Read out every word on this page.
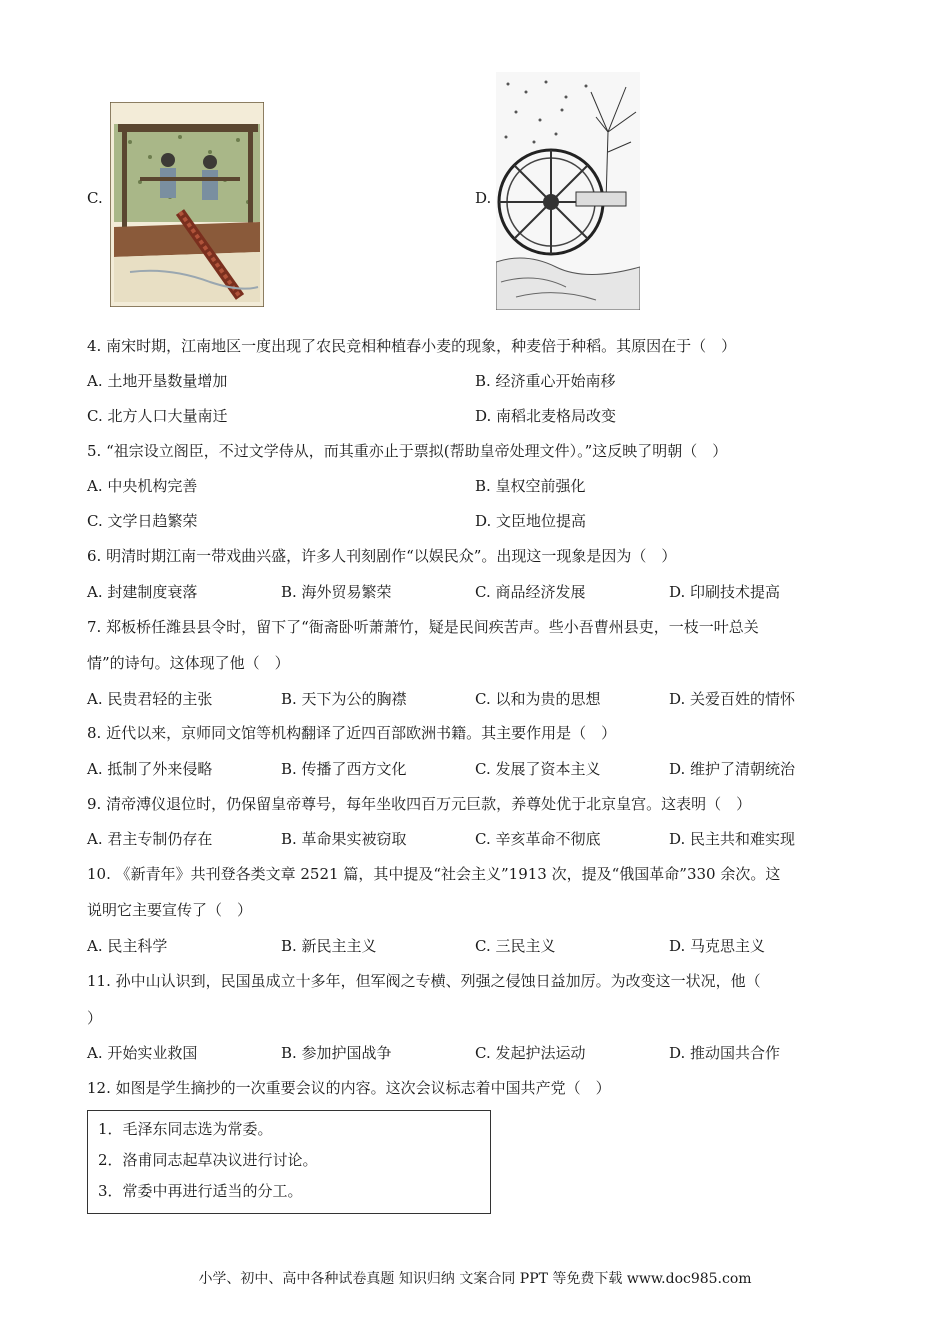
C.	D.
4. 南宋时期，江南地区一度出现了农民竞相种植春小麦的现象，种麦倍于种稻。其原因在于（　）
A. 土地开垦数量增加	B. 经济重心开始南移
C. 北方人口大量南迁	D. 南稻北麦格局改变
5. “祖宗设立阁臣，不过文学侍从，而其重亦止于票拟(帮助皇帝处理文件）。”这反映了明朝（　）
A. 中央机构完善	B. 皇权空前强化
C. 文学日趋繁荣	D. 文臣地位提高
6. 明清时期江南一带戏曲兴盛，许多人刊刻剧作“以娱民众”。出现这一现象是因为（　）
A. 封建制度衰落	B. 海外贸易繁荣	C. 商品经济发展	D. 印刷技术提高
7. 郑板桥任潍县县令时，留下了“衙斋卧听萧萧竹，疑是民间疾苦声。些小吾曹州县吏，一枝一叶总关
情”的诗句。这体现了他（　）
A. 民贵君轻的主张	B. 天下为公的胸襟	C. 以和为贵的思想	D. 关爱百姓的情怀
8. 近代以来，京师同文馆等机构翻译了近四百部欧洲书籍。其主要作用是（　）
A. 抵制了外来侵略	B. 传播了西方文化	C. 发展了资本主义	D. 维护了清朝统治
9. 清帝溥仪退位时，仍保留皇帝尊号，每年坐收四百万元巨款，养尊处优于北京皇宫。这表明（　）
A. 君主专制仍存在	B. 革命果实被窃取	C. 辛亥革命不彻底	D. 民主共和难实现
10. 《新青年》共刊登各类文章 2521 篇，其中提及“社会主义”1913 次，提及“俄国革命”330 余次。这
说明它主要宣传了（　）
A. 民主科学	B. 新民主主义	C. 三民主义	D. 马克思主义
11. 孙中山认识到，民国虽成立十多年，但军阀之专横、列强之侵蚀日益加厉。为改变这一状况，他（
）
A. 开始实业救国	B. 参加护国战争	C. 发起护法运动	D. 推动国共合作
12. 如图是学生摘抄的一次重要会议的内容。这次会议标志着中国共产党（　）
1．毛泽东同志选为常委。
2．洛甫同志起草决议进行讨论。
3．常委中再进行适当的分工。
小学、初中、高中各种试卷真题 知识归纳 文案合同 PPT 等免费下载 www.doc985.com
